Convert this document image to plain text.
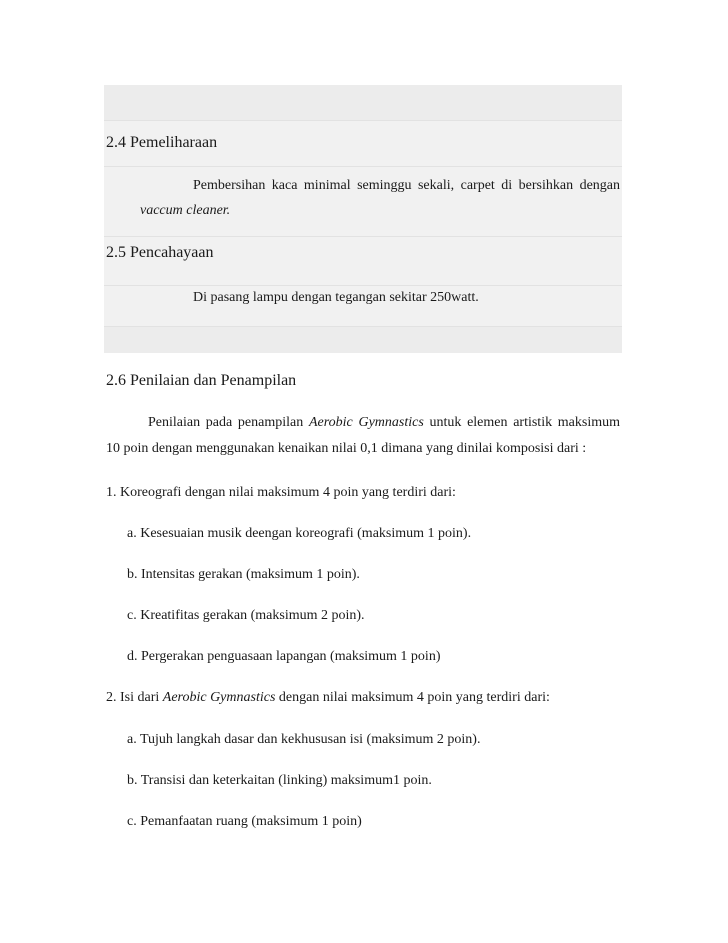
2.4 Pemeliharaan
Pembersihan kaca minimal seminggu sekali, carpet di bersihkan dengan
vaccum cleaner.
2.5 Pencahayaan
Di pasang lampu dengan tegangan sekitar 250watt.
2.6 Penilaian dan Penampilan
Penilaian pada penampilan Aerobic Gymnastics untuk elemen artistik maksimum
10 poin dengan menggunakan kenaikan nilai 0,1 dimana yang dinilai komposisi dari :
1. Koreografi dengan nilai maksimum 4 poin yang terdiri dari:
a. Kesesuaian musik deengan koreografi (maksimum 1 poin).
b. Intensitas gerakan (maksimum 1 poin).
c. Kreatifitas gerakan (maksimum 2 poin).
d. Pergerakan penguasaan lapangan (maksimum 1 poin)
2. Isi dari Aerobic Gymnastics dengan nilai maksimum 4 poin yang terdiri dari:
a. Tujuh langkah dasar dan kekhususan isi (maksimum 2 poin).
b. Transisi dan keterkaitan (linking) maksimum1 poin.
c. Pemanfaatan ruang (maksimum 1 poin)
